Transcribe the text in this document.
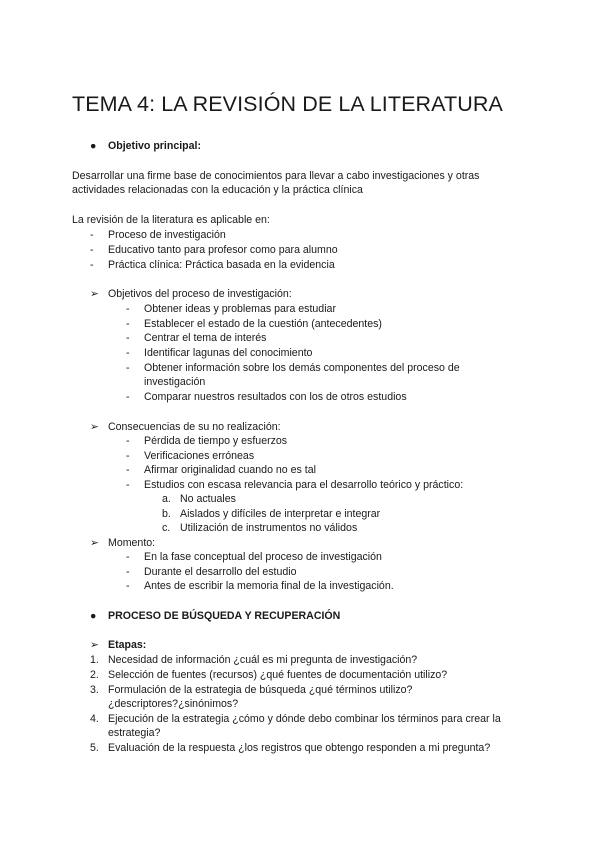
TEMA 4: LA REVISIÓN DE LA LITERATURA
● Objetivo principal:
Desarrollar una firme base de conocimientos para llevar a cabo investigaciones y otras
actividades relacionadas con la educación y la práctica clínica
La revisión de la literatura es aplicable en:
- Proceso de investigación
- Educativo tanto para profesor como para alumno
- Práctica clínica: Práctica basada en la evidencia
➢ Objetivos del proceso de investigación:
- Obtener ideas y problemas para estudiar
- Establecer el estado de la cuestión (antecedentes)
- Centrar el tema de interés
- Identificar lagunas del conocimiento
- Obtener información sobre los demás componentes del proceso de
investigación
- Comparar nuestros resultados con los de otros estudios
➢ Consecuencias de su no realización:
- Pérdida de tiempo y esfuerzos
- Verificaciones erróneas
- Afirmar originalidad cuando no es tal
- Estudios con escasa relevancia para el desarrollo teórico y práctico:
a. No actuales
b. Aislados y difíciles de interpretar e integrar
c. Utilización de instrumentos no válidos
➢ Momento:
- En la fase conceptual del proceso de investigación
- Durante el desarrollo del estudio
- Antes de escribir la memoria final de la investigación.
● PROCESO DE BÚSQUEDA Y RECUPERACIÓN
➢ Etapas:
1. Necesidad de información ¿cuál es mi pregunta de investigación?
2. Selección de fuentes (recursos) ¿qué fuentes de documentación utilizo?
3. Formulación de la estrategia de búsqueda ¿qué términos utilizo?
¿descriptores?¿sinónimos?
4. Ejecución de la estrategia ¿cómo y dónde debo combinar los términos para crear la
estrategia?
5. Evaluación de la respuesta ¿los registros que obtengo responden a mi pregunta?
